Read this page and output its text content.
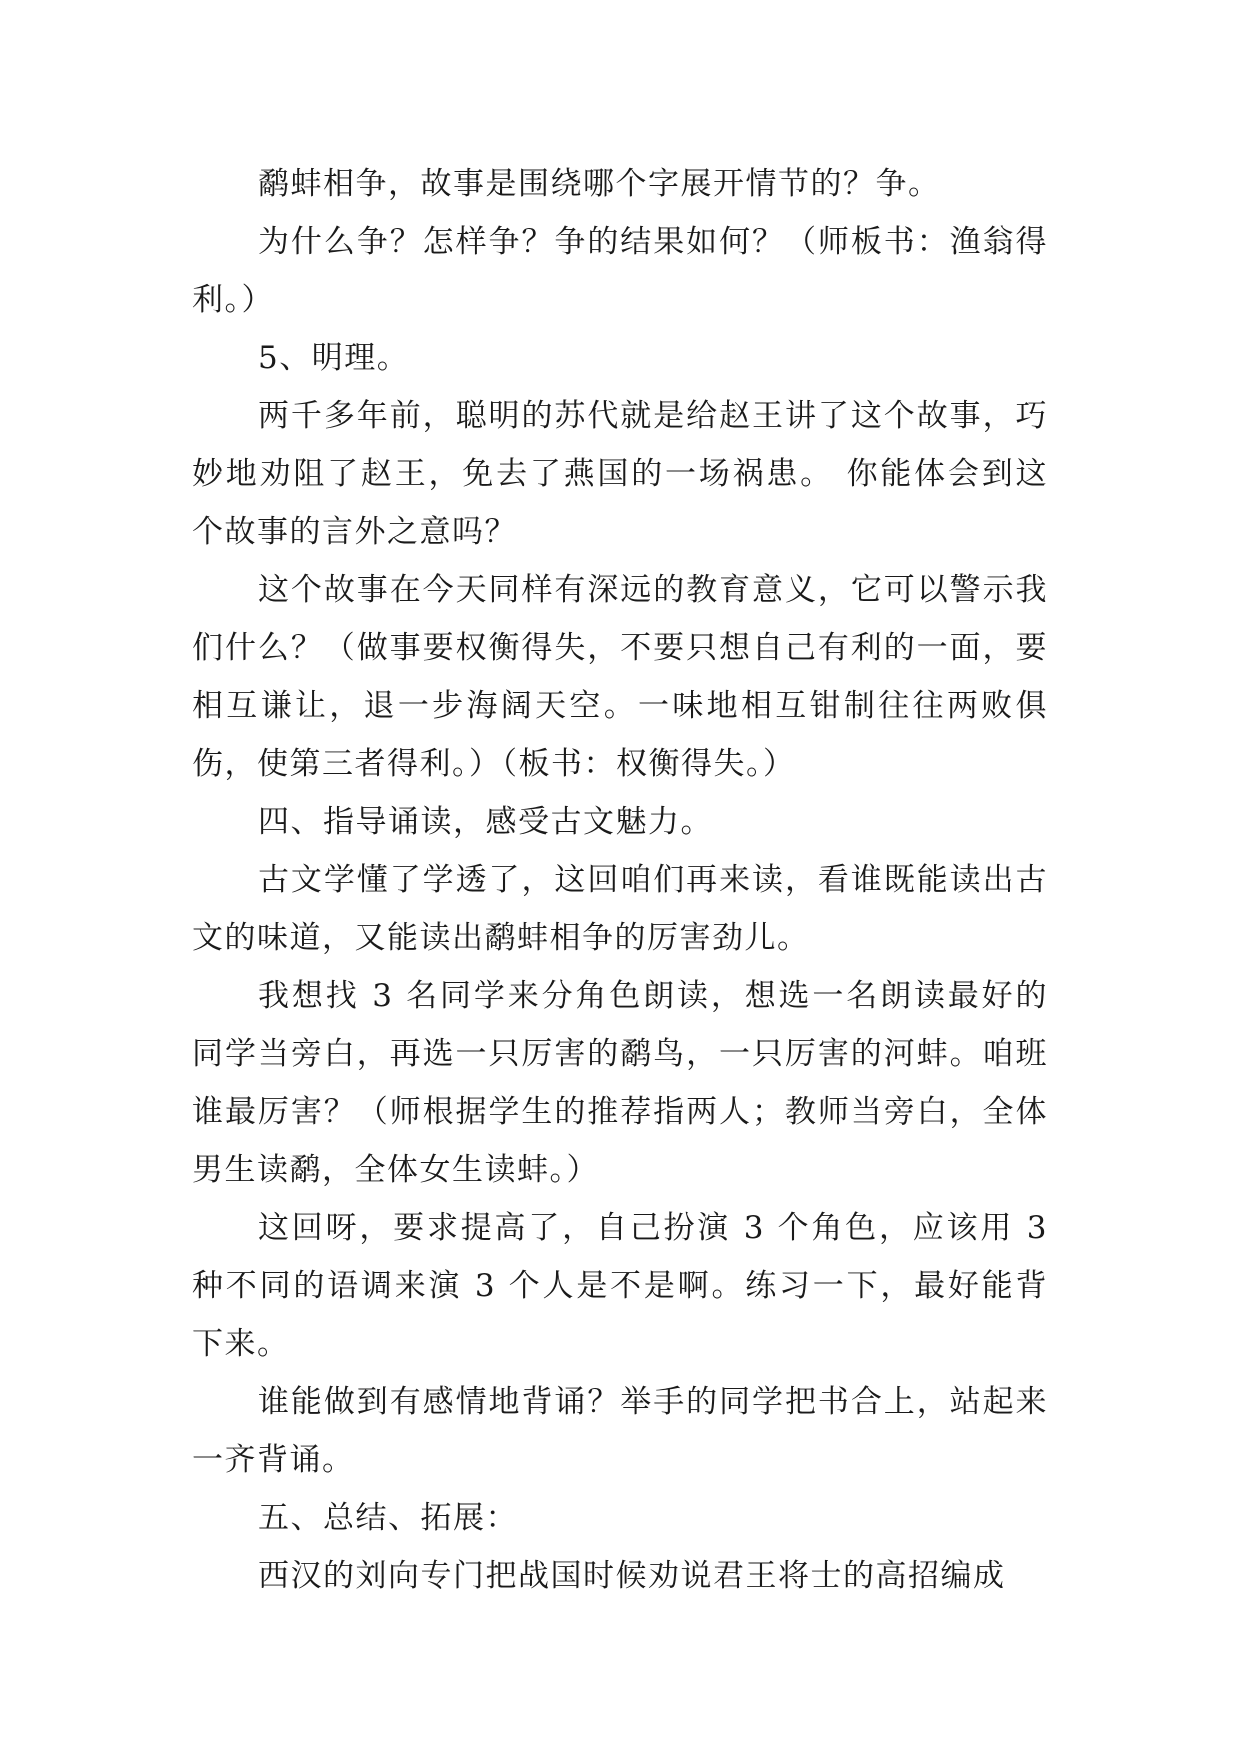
鹬蚌相争，故事是围绕哪个字展开情节的？争。

为什么争？怎样争？争的结果如何？（师板书：渔翁得利。）

5、明理。

两千多年前，聪明的苏代就是给赵王讲了这个故事，巧妙地劝阻了赵王，免去了燕国的一场祸患。 你能体会到这个故事的言外之意吗？

这个故事在今天同样有深远的教育意义，它可以警示我们什么？（做事要权衡得失，不要只想自己有利的一面，要相互谦让，退一步海阔天空。一味地相互钳制往往两败俱伤，使第三者得利。）（板书：权衡得失。）

四、指导诵读，感受古文魅力。

古文学懂了学透了，这回咱们再来读，看谁既能读出古文的味道，又能读出鹬蚌相争的厉害劲儿。

我想找 3 名同学来分角色朗读，想选一名朗读最好的同学当旁白，再选一只厉害的鹬鸟，一只厉害的河蚌。咱班谁最厉害？（师根据学生的推荐指两人；教师当旁白，全体男生读鹬，全体女生读蚌。）

这回呀，要求提高了，自己扮演 3 个角色，应该用 3 种不同的语调来演 3 个人是不是啊。练习一下，最好能背下来。

谁能做到有感情地背诵？举手的同学把书合上，站起来一齐背诵。

五、总结、拓展：

西汉的刘向专门把战国时候劝说君王将士的高招编成
